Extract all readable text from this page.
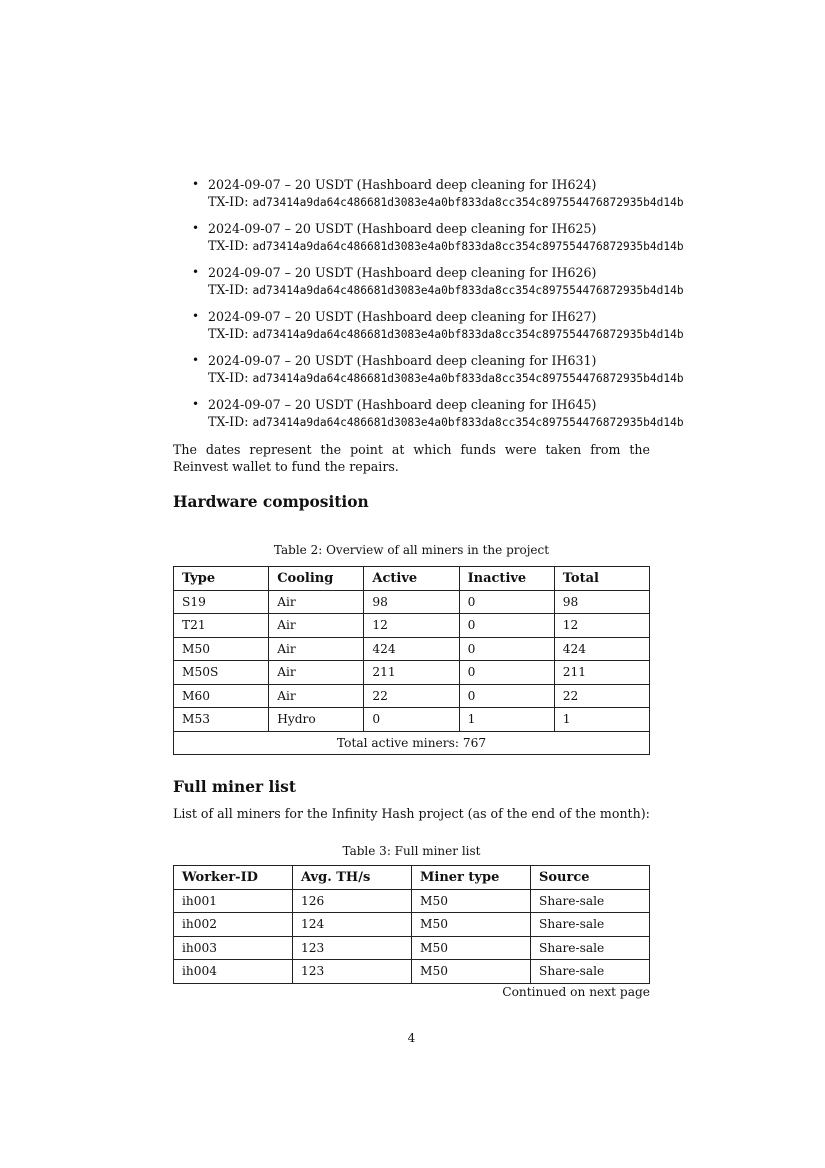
• 2024-09-07 – 20 USDT (Hashboard deep cleaning for IH624)
TX-ID: ad73414a9da64c486681d3083e4a0bf833da8cc354c897554476872935b4d14b
• 2024-09-07 – 20 USDT (Hashboard deep cleaning for IH625)
TX-ID: ad73414a9da64c486681d3083e4a0bf833da8cc354c897554476872935b4d14b
• 2024-09-07 – 20 USDT (Hashboard deep cleaning for IH626)
TX-ID: ad73414a9da64c486681d3083e4a0bf833da8cc354c897554476872935b4d14b
• 2024-09-07 – 20 USDT (Hashboard deep cleaning for IH627)
TX-ID: ad73414a9da64c486681d3083e4a0bf833da8cc354c897554476872935b4d14b
• 2024-09-07 – 20 USDT (Hashboard deep cleaning for IH631)
TX-ID: ad73414a9da64c486681d3083e4a0bf833da8cc354c897554476872935b4d14b
• 2024-09-07 – 20 USDT (Hashboard deep cleaning for IH645)
TX-ID: ad73414a9da64c486681d3083e4a0bf833da8cc354c897554476872935b4d14b

The dates represent the point at which funds were taken from the Reinvest wallet to fund the repairs.

Hardware composition

Table 2: Overview of all miners in the project

Type	Cooling	Active	Inactive	Total
S19	Air	98	0	98
T21	Air	12	0	12
M50	Air	424	0	424
M50S	Air	211	0	211
M60	Air	22	0	22
M53	Hydro	0	1	1
Total active miners: 767				
Full miner list

List of all miners for the Infinity Hash project (as of the end of the month):

Table 3: Full miner list

Worker-ID	Avg. TH/s	Miner type	Source
ih001	126	M50	Share-sale
ih002	124	M50	Share-sale
ih003	123	M50	Share-sale
ih004	123	M50	Share-sale

Continued on next page

4
